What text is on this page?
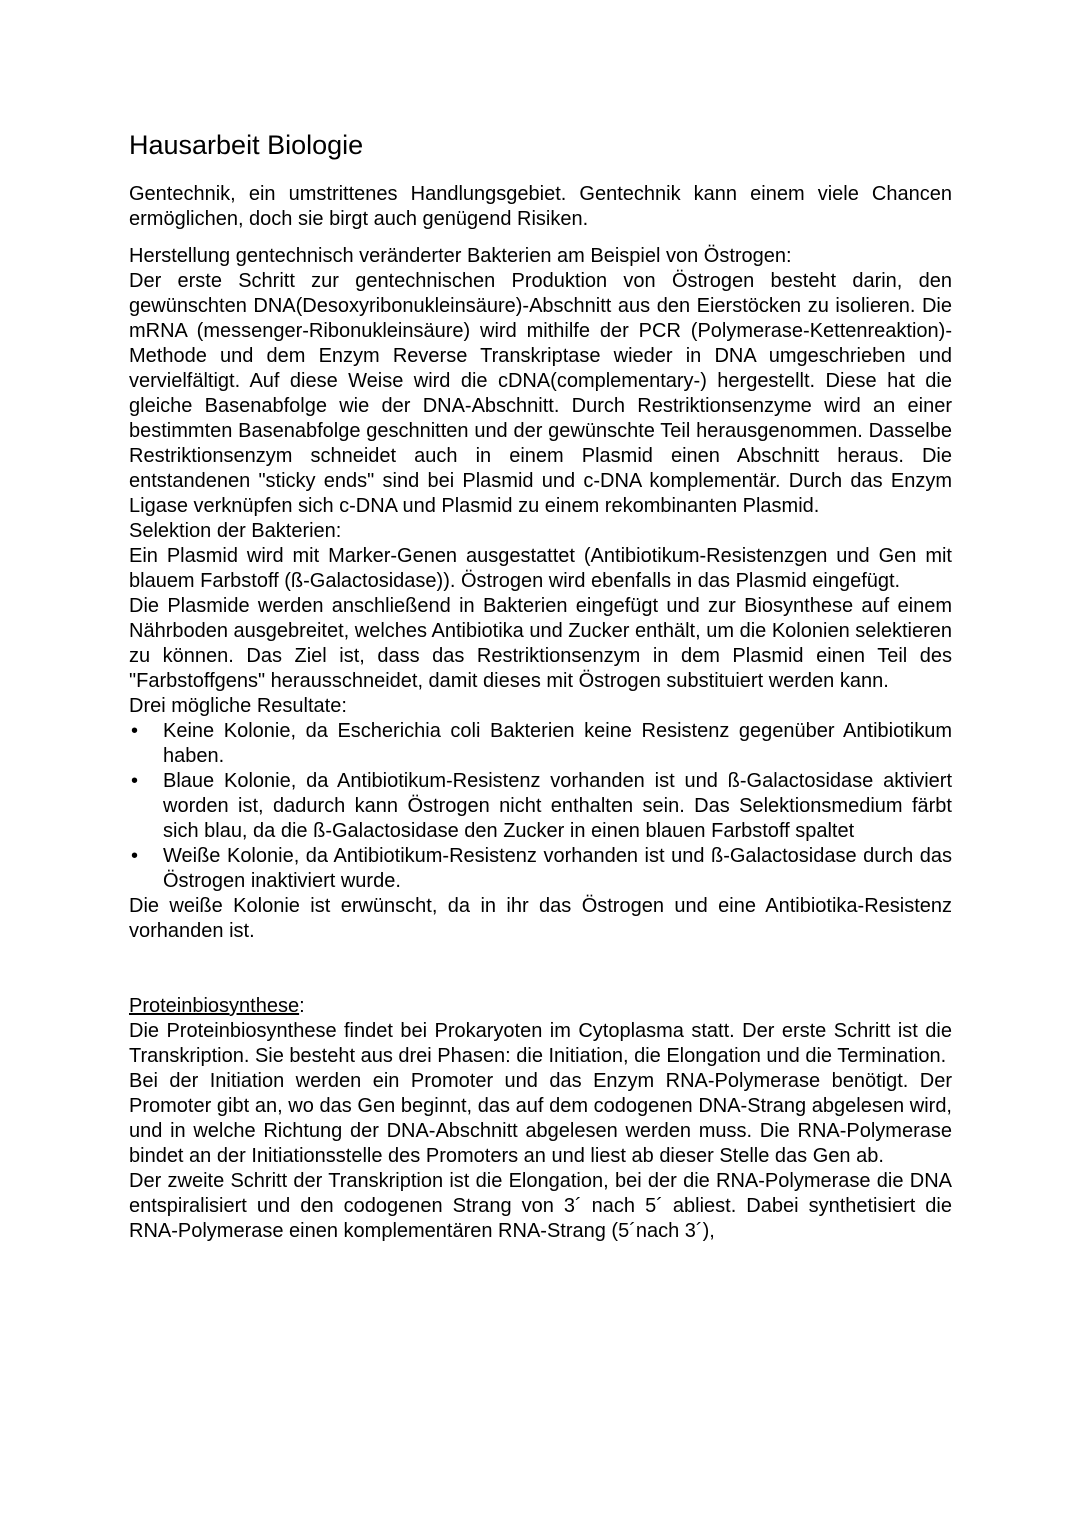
Hausarbeit Biologie

Gentechnik, ein umstrittenes Handlungsgebiet. Gentechnik kann einem viele Chancen ermöglichen, doch sie birgt auch genügend Risiken.

Herstellung gentechnisch veränderter Bakterien am Beispiel von Östrogen:

Der erste Schritt zur gentechnischen Produktion von Östrogen besteht darin, den gewünschten DNA(Desoxyribonukleinsäure)-Abschnitt aus den Eierstöcken zu isolieren. Die mRNA (messenger-Ribonukleinsäure) wird mithilfe der PCR (Polymerase-Kettenreaktion)-Methode und dem Enzym Reverse Transkriptase wieder in DNA umgeschrieben und vervielfältigt. Auf diese Weise wird die cDNA(complementary-) hergestellt. Diese hat die gleiche Basenabfolge wie der DNA-Abschnitt. Durch Restriktionsenzyme wird an einer bestimmten Basenabfolge geschnitten und der gewünschte Teil herausgenommen. Dasselbe Restriktionsenzym schneidet auch in einem Plasmid einen Abschnitt heraus. Die entstandenen "sticky ends" sind bei Plasmid und c-DNA komplementär. Durch das Enzym Ligase verknüpfen sich c-DNA und Plasmid zu einem rekombinanten Plasmid.

Selektion der Bakterien:

Ein Plasmid wird mit Marker-Genen ausgestattet (Antibiotikum-Resistenzgen und Gen mit blauem Farbstoff (ß-Galactosidase)). Östrogen wird ebenfalls in das Plasmid eingefügt.

Die Plasmide werden anschließend in Bakterien eingefügt und zur Biosynthese auf einem Nährboden ausgebreitet, welches Antibiotika und Zucker enthält, um die Kolonien selektieren zu können. Das Ziel ist, dass das Restriktionsenzym in dem Plasmid einen Teil des "Farbstoffgens" herausschneidet, damit dieses mit Östrogen substituiert werden kann.

Drei mögliche Resultate:

• Keine Kolonie, da Escherichia coli Bakterien keine Resistenz gegenüber Antibiotikum haben.
• Blaue Kolonie, da Antibiotikum-Resistenz vorhanden ist und ß-Galactosidase aktiviert worden ist, dadurch kann Östrogen nicht enthalten sein. Das Selektionsmedium färbt sich blau, da die ß-Galactosidase den Zucker in einen blauen Farbstoff spaltet
• Weiße Kolonie, da Antibiotikum-Resistenz vorhanden ist und ß-Galactosidase durch das Östrogen inaktiviert wurde.

Die weiße Kolonie ist erwünscht, da in ihr das Östrogen und eine Antibiotika-Resistenz vorhanden ist.

Proteinbiosynthese:

Die Proteinbiosynthese findet bei Prokaryoten im Cytoplasma statt. Der erste Schritt ist die Transkription. Sie besteht aus drei Phasen: die Initiation, die Elongation und die Termination.

Bei der Initiation werden ein Promoter und das Enzym RNA-Polymerase benötigt. Der Promoter gibt an, wo das Gen beginnt, das auf dem codogenen DNA-Strang abgelesen wird, und in welche Richtung der DNA-Abschnitt abgelesen werden muss. Die RNA-Polymerase bindet an der Initiationsstelle des Promoters an und liest ab dieser Stelle das Gen ab.

Der zweite Schritt der Transkription ist die Elongation, bei der die RNA-Polymerase die DNA entspiralisiert und den codogenen Strang von 3´ nach 5´ abliest. Dabei synthetisiert die RNA-Polymerase einen komplementären RNA-Strang (5´nach 3´),
